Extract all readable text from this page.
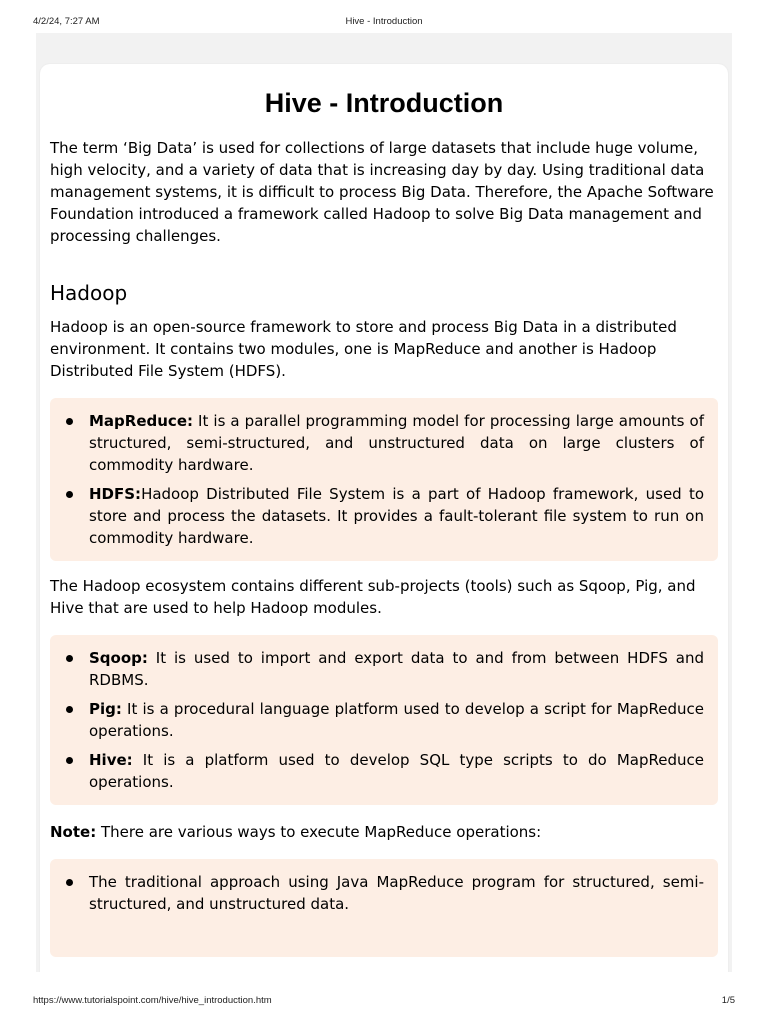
4/2/24, 7:27 AM	Hive - Introduction
Hive - Introduction

The term ‘Big Data’ is used for collections of large datasets that include huge volume, high velocity, and a variety of data that is increasing day by day. Using traditional data management systems, it is difficult to process Big Data. Therefore, the Apache Software Foundation introduced a framework called Hadoop to solve Big Data management and processing challenges.

Hadoop

Hadoop is an open-source framework to store and process Big Data in a distributed environment. It contains two modules, one is MapReduce and another is Hadoop Distributed File System (HDFS).

MapReduce: It is a parallel programming model for processing large amounts of structured, semi-structured, and unstructured data on large clusters of commodity hardware.
HDFS:Hadoop Distributed File System is a part of Hadoop framework, used to store and process the datasets. It provides a fault-tolerant file system to run on commodity hardware.

The Hadoop ecosystem contains different sub-projects (tools) such as Sqoop, Pig, and Hive that are used to help Hadoop modules.

Sqoop: It is used to import and export data to and from between HDFS and RDBMS.
Pig: It is a procedural language platform used to develop a script for MapReduce operations.
Hive: It is a platform used to develop SQL type scripts to do MapReduce operations.

Note: There are various ways to execute MapReduce operations:

The traditional approach using Java MapReduce program for structured, semi-structured, and unstructured data.
https://www.tutorialspoint.com/hive/hive_introduction.htm	1/5
